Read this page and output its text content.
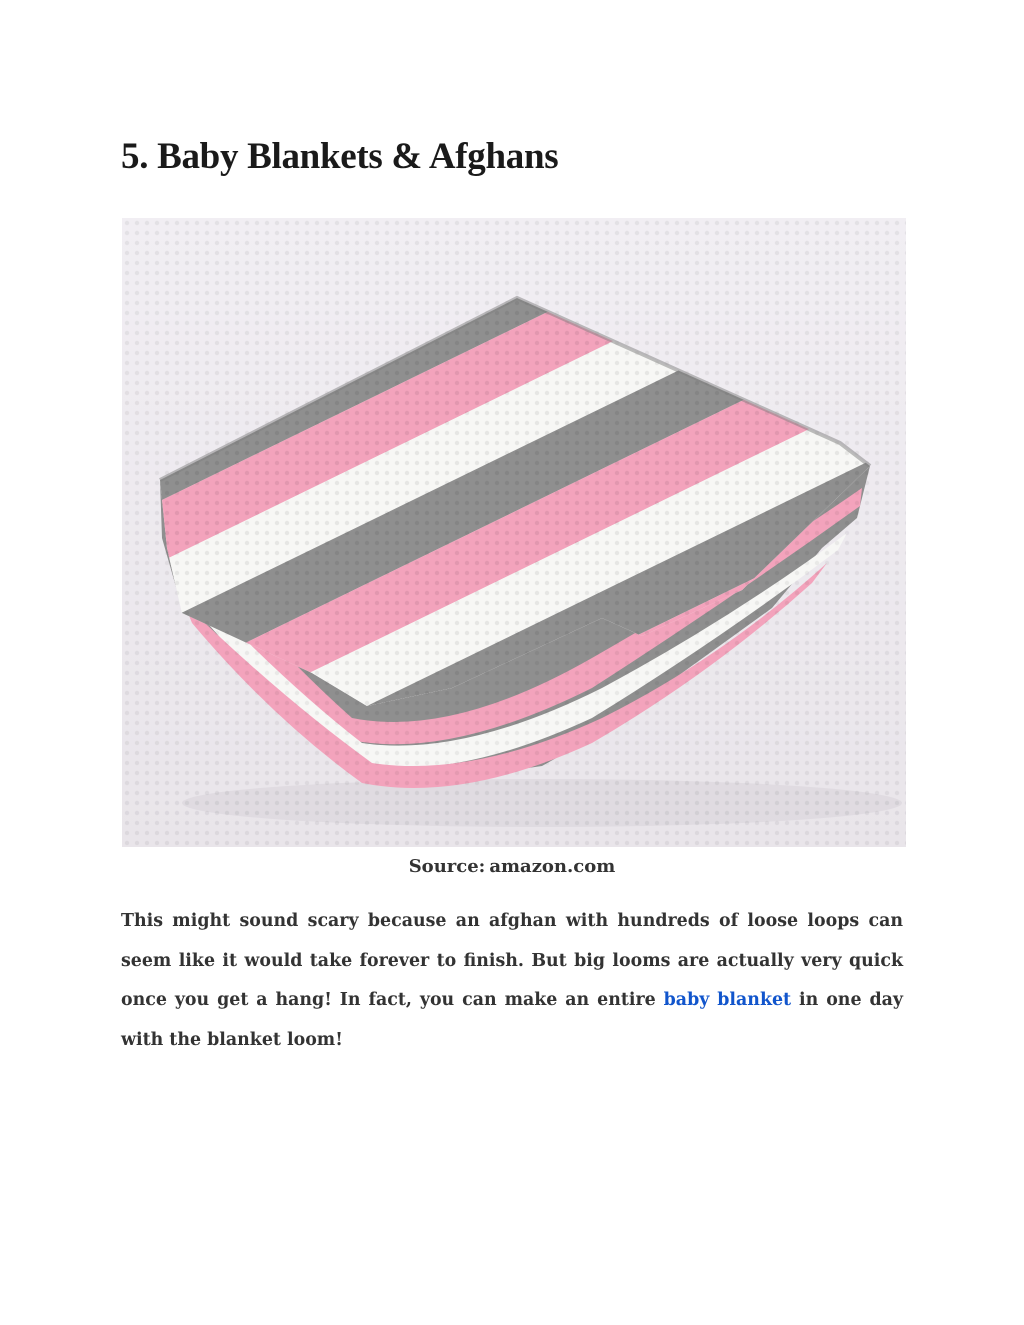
5. Baby Blankets & Afghans
Source: amazon.com

This might sound scary because an afghan with hundreds of loose loops can seem like it would take forever to finish. But big looms are actually very quick once you get a hang! In fact, you can make an entire baby blanket in one day with the blanket loom!
